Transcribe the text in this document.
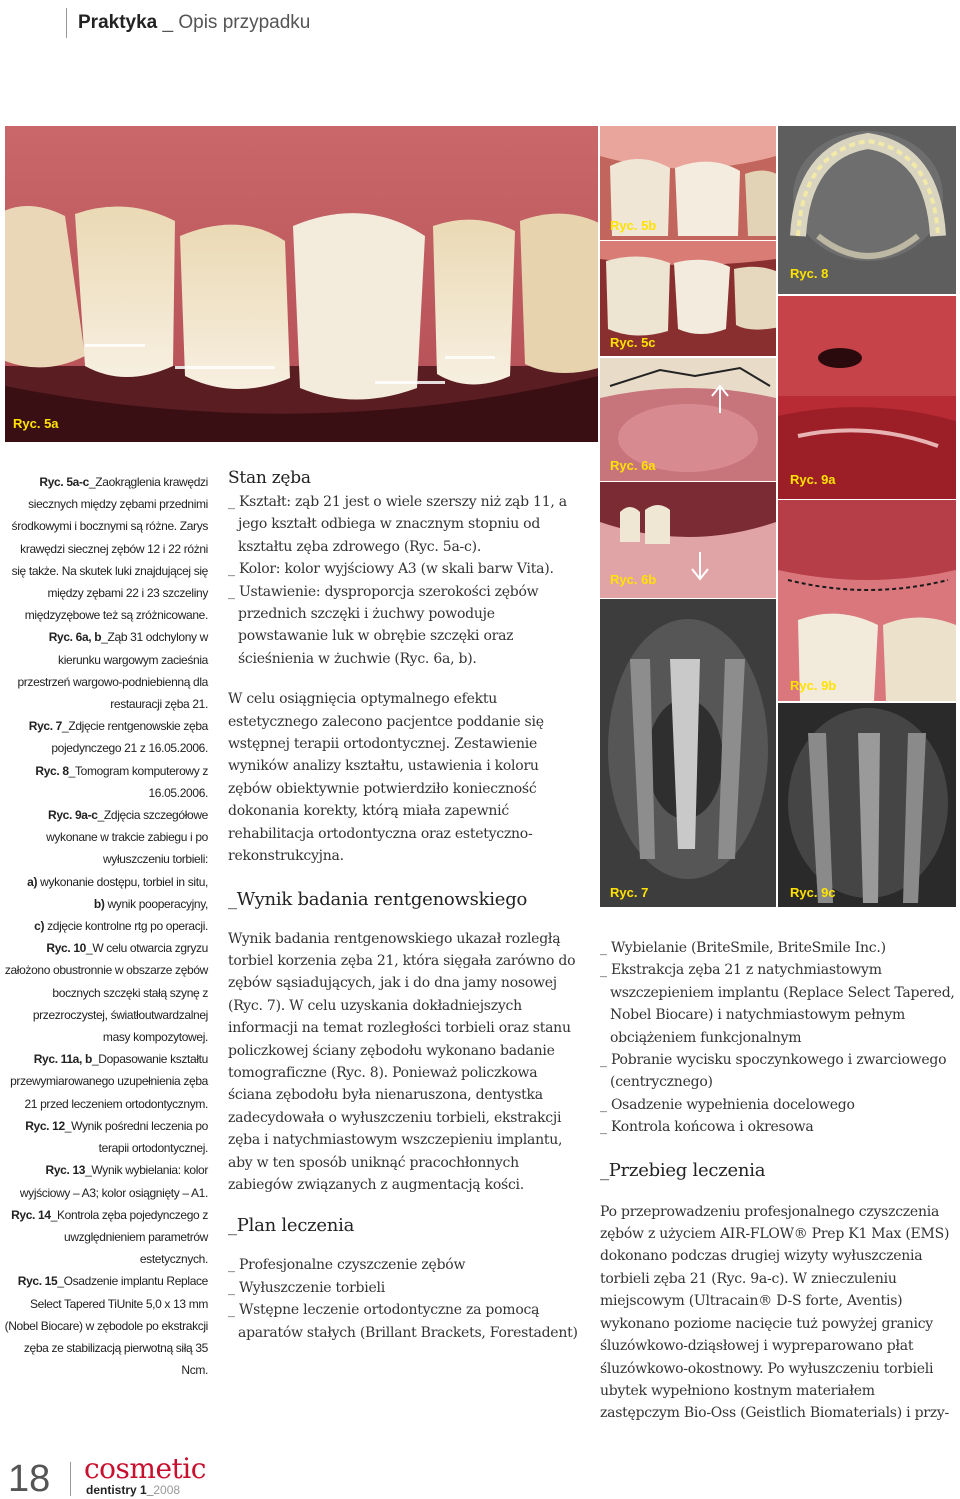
Praktyka _ Opis przypadku
Ryc. 5a
Ryc. 5b
Ryc. 5c
Ryc. 8
Ryc. 9a
Ryc. 6a
Ryc. 6b
Ryc. 7
Ryc. 9b
Ryc. 9c

Ryc. 5a-c_Zaokrąglenia krawędzi siecznych między zębami przednimi środkowymi i bocznymi są różne. Zarys krawędzi siecznej zębów 12 i 22 różni się także. Na skutek luki znajdującej się między zębami 22 i 23 szczeliny międzyzębowe też są zróżnicowane.

Ryc. 6a, b_Ząb 31 odchylony w kierunku wargowym zacieśnia przestrzeń wargowo-podniebienną dla restauracji zęba 21.

Ryc. 7_Zdjęcie rentgenowskie zęba pojedynczego 21 z 16.05.2006.

Ryc. 8_Tomogram komputerowy z 16.05.2006.

Ryc. 9a-c_Zdjęcia szczegółowe wykonane w trakcie zabiegu i po wyłuszczeniu torbieli:

a) wykonanie dostępu, torbiel in situ,

b) wynik pooperacyjny,

c) zdjęcie kontrolne rtg po operacji.

Ryc. 10_W celu otwarcia zgryzu założono obustronnie w obszarze zębów bocznych szczęki stałą szynę z przezroczystej, światłoutwardzalnej masy kompozytowej.

Ryc. 11a, b_Dopasowanie kształtu przewymiarowanego uzupełnienia zęba 21 przed leczeniem ortodontycznym.

Ryc. 12_Wynik pośredni leczenia po terapii ortodontycznej.

Ryc. 13_Wynik wybielania: kolor wyjściowy – A3; kolor osiągnięty – A1.

Ryc. 14_Kontrola zęba pojedynczego z uwzględnieniem parametrów estetycznych.

Ryc. 15_Osadzenie implantu Replace Select Tapered TiUnite 5,0 x 13 mm (Nobel Biocare) w zębodole po ekstrakcji zęba ze stabilizacją pierwotną siłą 35 Ncm.

Stan zęba

_ Kształt: ząb 21 jest o wiele szerszy niż ząb 11, a jego kształt odbiega w znacznym stopniu od kształtu zęba zdrowego (Ryc. 5a-c).

_ Kolor: kolor wyjściowy A3 (w skali barw Vita).

_ Ustawienie: dysproporcja szerokości zębów przednich szczęki i żuchwy powoduje powstawanie luk w obrębie szczęki oraz ścieśnienia w żuchwie (Ryc. 6a, b).

W celu osiągnięcia optymalnego efektu estetycznego zalecono pacjentce poddanie się wstępnej terapii ortodontycznej. Zestawienie wyników analizy kształtu, ustawienia i koloru zębów obiektywnie potwierdziło konieczność dokonania korekty, którą miała zapewnić rehabilitacja ortodontyczna oraz estetyczno-rekonstrukcyjna.

_Wynik badania rentgenowskiego

Wynik badania rentgenowskiego ukazał rozległą torbiel korzenia zęba 21, która sięgała zarówno do zębów sąsiadujących, jak i do dna jamy nosowej (Ryc. 7). W celu uzyskania dokładniejszych informacji na temat rozległości torbieli oraz stanu policzkowej ściany zębodołu wykonano badanie tomograficzne (Ryc. 8). Ponieważ policzkowa ściana zębodołu była nienaruszona, dentystka zadecydowała o wyłuszczeniu torbieli, ekstrakcji zęba i natychmiastowym wszczepieniu implantu, aby w ten sposób uniknąć pracochłonnych zabiegów związanych z augmentacją kości.

_Plan leczenia

_ Profesjonalne czyszczenie zębów

_ Wyłuszczenie torbieli

_ Wstępne leczenie ortodontyczne za pomocą aparatów stałych (Brillant Brackets, Forestadent)

_ Wybielanie (BriteSmile, BriteSmile Inc.)

_ Ekstrakcja zęba 21 z natychmiastowym wszczepieniem implantu (Replace Select Tapered, Nobel Biocare) i natychmiastowym pełnym obciążeniem funkcjonalnym

_ Pobranie wycisku spoczynkowego i zwarciowego (centrycznego)

_ Osadzenie wypełnienia docelowego

_ Kontrola końcowa i okresowa

_Przebieg leczenia

Po przeprowadzeniu profesjonalnego czyszczenia zębów z użyciem AIR-FLOW® Prep K1 Max (EMS) dokonano podczas drugiej wizyty wyłuszczenia torbieli zęba 21 (Ryc. 9a-c). W znieczuleniu miejscowym (Ultracain® D-S forte, Aventis) wykonano poziome nacięcie tuż powyżej granicy śluzówkowo-dziąsłowej i wypreparowano płat śluzówkowo-okostnowy. Po wyłuszczeniu torbieli ubytek wypełniono kostnym materiałem zastępczym Bio-Oss (Geistlich Biomaterials) i przy-

18 cosmetic
dentistry 1_2008
